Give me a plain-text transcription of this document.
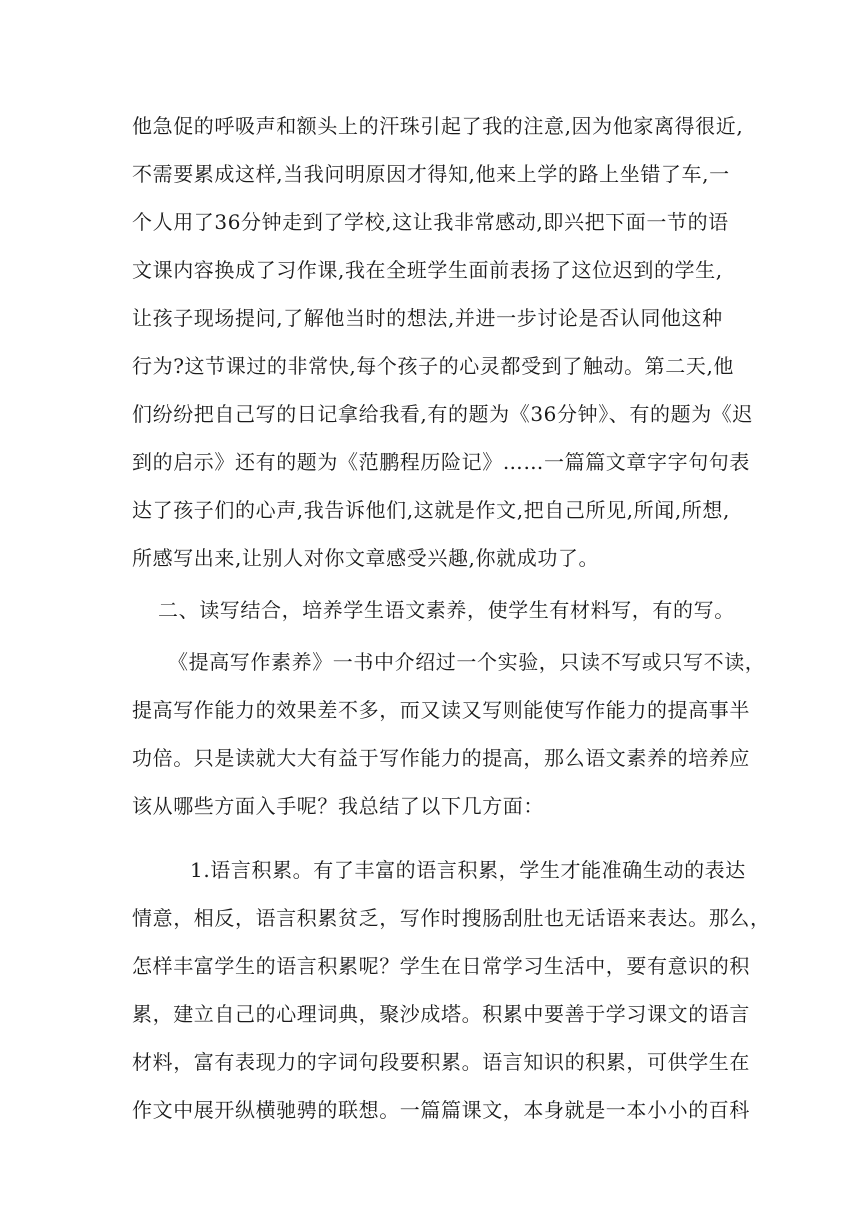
他急促的呼吸声和额头上的汗珠引起了我的注意,因为他家离得很近,
不需要累成这样,当我问明原因才得知,他来上学的路上坐错了车,一
个人用了36分钟走到了学校,这让我非常感动,即兴把下面一节的语
文课内容换成了习作课,我在全班学生面前表扬了这位迟到的学生,
让孩子现场提问,了解他当时的想法,并进一步讨论是否认同他这种
行为?这节课过的非常快,每个孩子的心灵都受到了触动。第二天,他
们纷纷把自己写的日记拿给我看,有的题为《36分钟》、有的题为《迟
到的启示》还有的题为《范鹏程历险记》……一篇篇文章字字句句表
达了孩子们的心声,我告诉他们,这就是作文,把自己所见,所闻,所想,
所感写出来,让别人对你文章感受兴趣,你就成功了。
二、读写结合，培养学生语文素养，使学生有材料写，有的写。
《提高写作素养》一书中介绍过一个实验，只读不写或只写不读，
提高写作能力的效果差不多，而又读又写则能使写作能力的提高事半
功倍。只是读就大大有益于写作能力的提高，那么语文素养的培养应
该从哪些方面入手呢？我总结了以下几方面：
1.语言积累。有了丰富的语言积累，学生才能准确生动的表达
情意，相反，语言积累贫乏，写作时搜肠刮肚也无话语来表达。那么，
怎样丰富学生的语言积累呢？学生在日常学习生活中，要有意识的积
累，建立自己的心理词典，聚沙成塔。积累中要善于学习课文的语言
材料，富有表现力的字词句段要积累。语言知识的积累，可供学生在
作文中展开纵横驰骋的联想。一篇篇课文，本身就是一本小小的百科
